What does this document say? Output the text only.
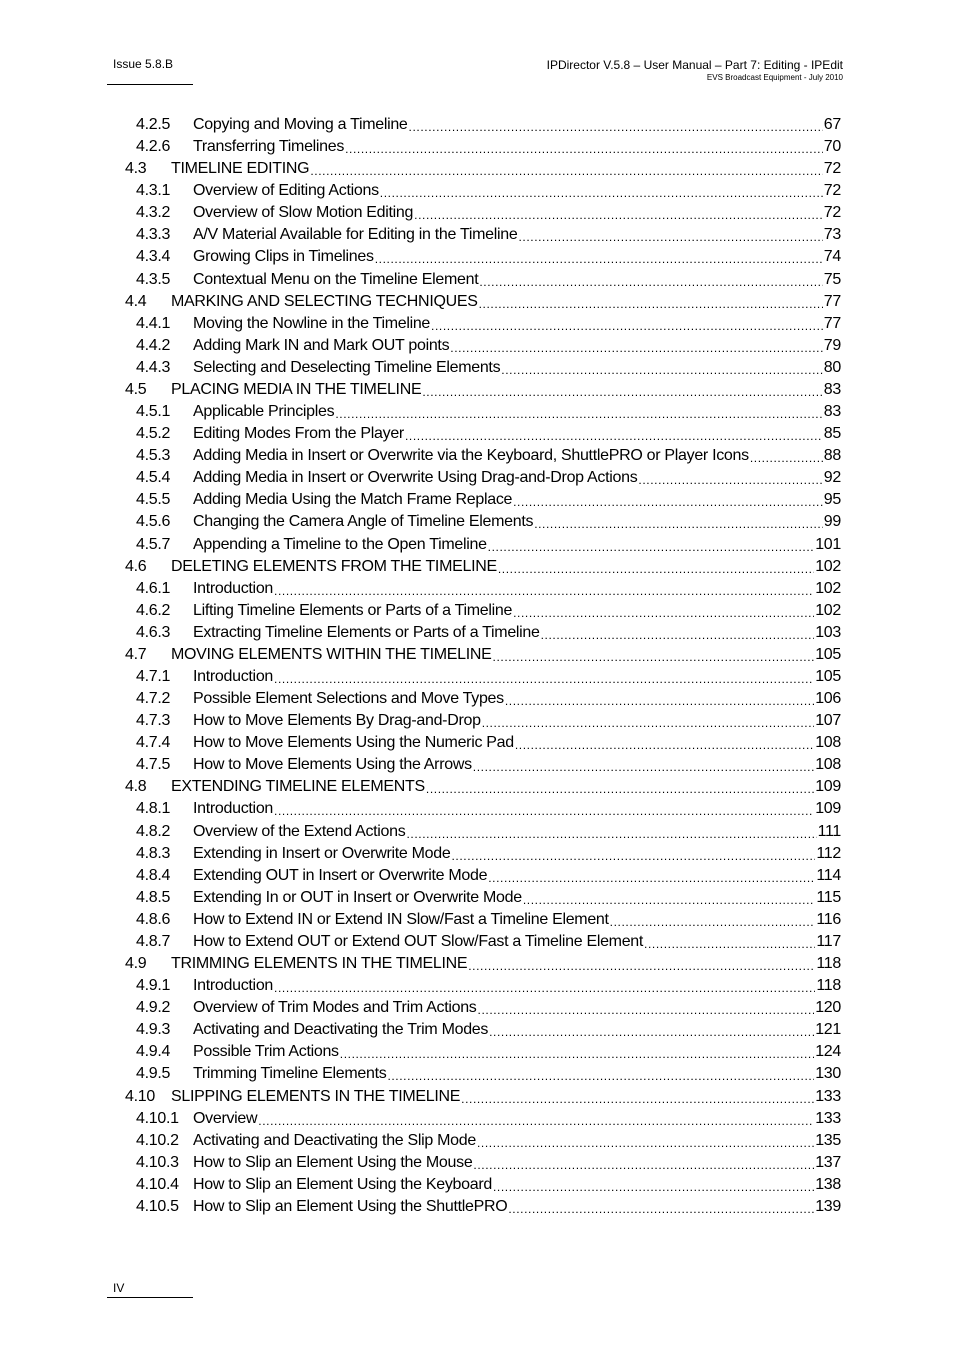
Issue 5.8.B	IPDirector V.5.8 – User Manual – Part 7: Editing - IPEdit
EVS Broadcast Equipment - July 2010
4.2.5	Copying and Moving a Timeline .....	67
4.2.6	Transferring Timelines .....	70
4.3	TIMELINE EDITING .....	72
4.3.1	Overview of Editing Actions .....	72
4.3.2	Overview of Slow Motion Editing .....	72
4.3.3	A/V Material Available for Editing in the Timeline .....	73
4.3.4	Growing Clips in Timelines .....	74
4.3.5	Contextual Menu on the Timeline Element .....	75
4.4	MARKING AND SELECTING TECHNIQUES .....	77
4.4.1	Moving the Nowline in the Timeline .....	77
4.4.2	Adding Mark IN and Mark OUT points .....	79
4.4.3	Selecting and Deselecting Timeline Elements .....	80
4.5	PLACING MEDIA IN THE TIMELINE .....	83
4.5.1	Applicable Principles .....	83
4.5.2	Editing Modes From the Player .....	85
4.5.3	Adding Media in Insert or Overwrite via the Keyboard, ShuttlePRO or Player Icons .....	88
4.5.4	Adding Media in Insert or Overwrite Using Drag-and-Drop Actions .....	92
4.5.5	Adding Media Using the Match Frame Replace .....	95
4.5.6	Changing the Camera Angle of Timeline Elements .....	99
4.5.7	Appending a Timeline to the Open Timeline .....	101
4.6	DELETING ELEMENTS FROM THE TIMELINE .....	102
4.6.1	Introduction .....	102
4.6.2	Lifting Timeline Elements or Parts of a Timeline .....	102
4.6.3	Extracting Timeline Elements or Parts of a Timeline .....	103
4.7	MOVING ELEMENTS WITHIN THE TIMELINE .....	105
4.7.1	Introduction .....	105
4.7.2	Possible Element Selections and Move Types .....	106
4.7.3	How to Move Elements By Drag-and-Drop .....	107
4.7.4	How to Move Elements Using the Numeric Pad .....	108
4.7.5	How to Move Elements Using the Arrows .....	108
4.8	EXTENDING TIMELINE ELEMENTS .....	109
4.8.1	Introduction .....	109
4.8.2	Overview of the Extend Actions .....	111
4.8.3	Extending in Insert or Overwrite Mode .....	112
4.8.4	Extending OUT in Insert or Overwrite Mode .....	114
4.8.5	Extending In or OUT in Insert or Overwrite Mode .....	115
4.8.6	How to Extend IN or Extend IN Slow/Fast a Timeline Element .....	116
4.8.7	How to Extend OUT or Extend OUT Slow/Fast a Timeline Element .....	117
4.9	TRIMMING ELEMENTS IN THE TIMELINE .....	118
4.9.1	Introduction .....	118
4.9.2	Overview of Trim Modes and Trim Actions .....	120
4.9.3	Activating and Deactivating the Trim Modes .....	121
4.9.4	Possible Trim Actions .....	124
4.9.5	Trimming Timeline Elements .....	130
4.10	SLIPPING ELEMENTS IN THE TIMELINE .....	133
4.10.1 Overview .....	133
4.10.2 Activating and Deactivating the Slip Mode .....	135
4.10.3 How to Slip an Element Using the Mouse .....	137
4.10.4 How to Slip an Element Using the Keyboard .....	138
4.10.5 How to Slip an Element Using the ShuttlePRO .....	139
IV
